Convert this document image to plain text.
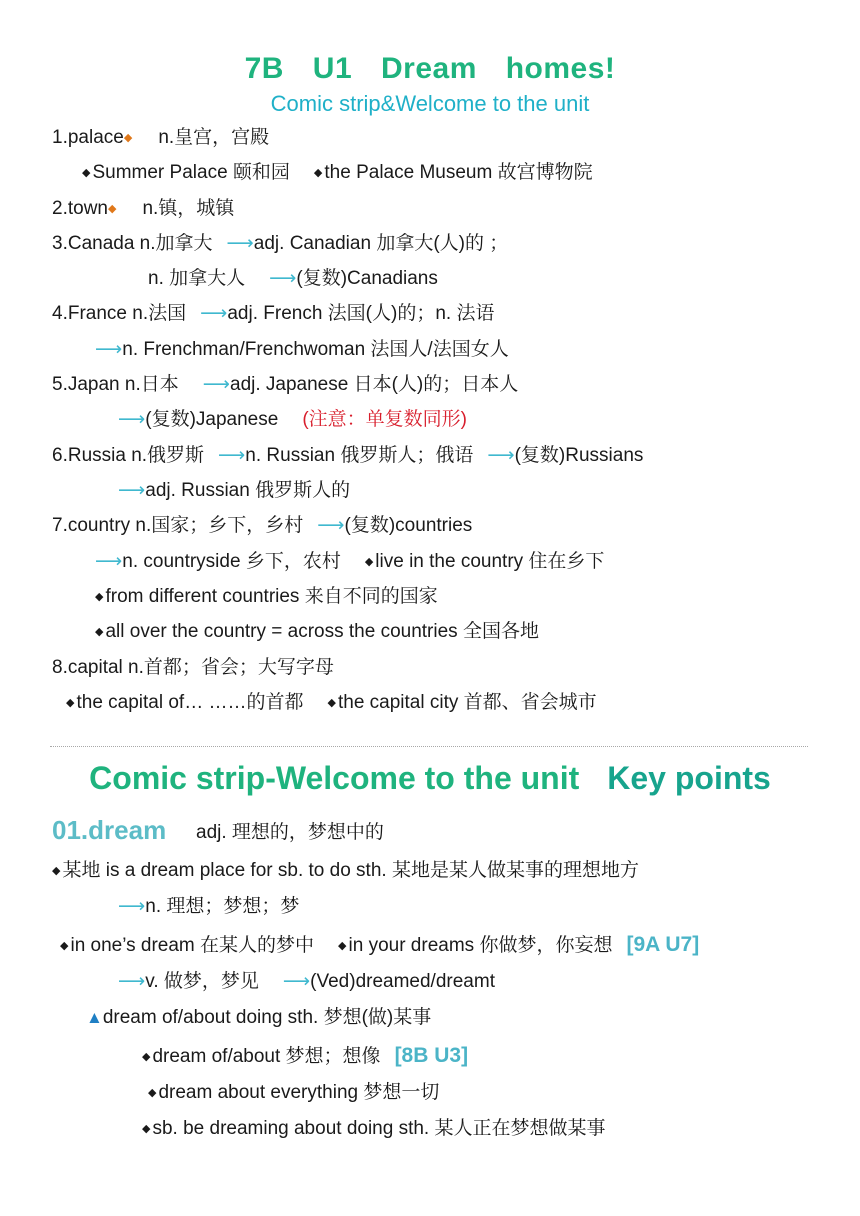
7B U1 Dream homes!
Comic strip&Welcome to the unit
1.palace◆ n.皇宫，宫殿
◆ Summer Palace 颐和园 ◆ the Palace Museum 故宫博物院
2.town◆ n.镇，城镇
3.Canada n.加拿大 ⟶adj. Canadian 加拿大(人)的 ；
n. 加拿大人 ⟶(复数)Canadians
4.France n.法国 ⟶adj. French 法国(人)的；n. 法语
⟶n. Frenchman/Frenchwoman 法国人/法国女人
5.Japan n.日本 ⟶adj. Japanese 日本(人)的；日本人
⟶(复数)Japanese (注意：单复数同形)
6.Russia n.俄罗斯 ⟶n. Russian 俄罗斯人；俄语 ⟶(复数)Russians
⟶adj. Russian 俄罗斯人的
7.country n.国家；乡下，乡村 ⟶(复数)countries
⟶n. countryside 乡下，农村 ◆ live in the country 住在乡下
◆ from different countries 来自不同的国家
◆ all over the country = across the countries 全国各地
8.capital n.首都；省会；大写字母
◆ the capital of… ……的首都 ◆ the capital city 首都、省会城市
Comic strip-Welcome to the unit Key points
01.dream adj. 理想的，梦想中的
◆ 某地 is a dream place for sb. to do sth. 某地是某人做某事的理想地方
⟶n. 理想；梦想；梦
◆ in one’s dream 在某人的梦中 ◆ in your dreams 你做梦，你妄想 [9A U7]
⟶v. 做梦，梦见 ⟶(Ved)dreamed/dreamt
▲dream of/about doing sth. 梦想(做)某事
◆ dream of/about 梦想；想像 [8B U3]
◆ dream about everything 梦想一切
◆ sb. be dreaming about doing sth. 某人正在梦想做某事
